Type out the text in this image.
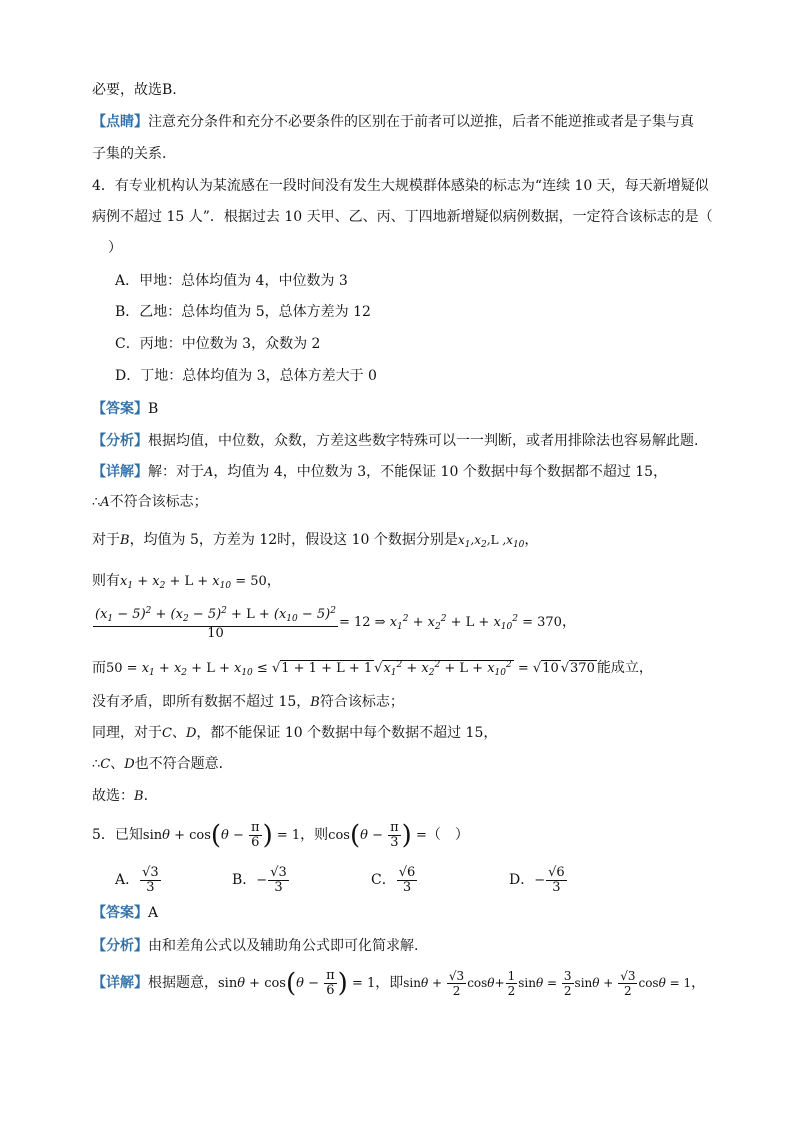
必要，故选B.
【点睛】注意充分条件和充分不必要条件的区别在于前者可以逆推，后者不能逆推或者是子集与真
子集的关系．
4．有专业机构认为某流感在一段时间没有发生大规模群体感染的标志为“连续 10 天，每天新增疑似
病例不超过 15 人”．根据过去 10 天甲、乙、丙、丁四地新增疑似病例数据，一定符合该标志的是（
）
A．甲地：总体均值为 4，中位数为 3
B．乙地：总体均值为 5，总体方差为 12
C．丙地：中位数为 3，众数为 2
D．丁地：总体均值为 3，总体方差大于 0
【答案】B
【分析】根据均值，中位数，众数，方差这些数字特殊可以一一判断，或者用排除法也容易解此题.
【详解】解：对于A，均值为 4，中位数为 3，不能保证 10 个数据中每个数据都不超过 15，
∴A不符合该标志；
对于B，均值为 5，方差为 12时，假设这 10 个数据分别是$x_1,x_2,L$ $,x_{10}$，
则有$x_1 + x_2 + L + x_{10} = 50$，
$\frac{(x_1 - 5)^2 + (x_2 - 5)^2 + L + (x_{10} - 5)^2}{10} = 12$ ⇒ $x_1^2 + x_2^2 + L + x_{10}^2 = 370$，
而$50 = x_1 + x_2 + L + x_{10} \le √1 + 1 + L + 1$ $√x_1^2 + x_2^2 + L + x_{10}^2 = √10$ √370 能成立，
没有矛盾，即所有数据不超过 15，B符合该标志；
同理，对于C、D，都不能保证 10 个数据中每个数据不超过 15，
∴C、D也不符合题意．
故选：B.
5．已知$\sin\theta + \cos(\theta - \frac{\pi}{6}$ ) = 1，则$\cos(\theta - \frac{\pi}{3}$ ) =（　）
A． $\frac{√3}{3}$	B．− $\frac{√3}{3}$	C． $\frac{√6}{3}$	D．− $\frac{√6}{3}$
【答案】A
【分析】由和差角公式以及辅助角公式即可化简求解.
【详解】根据题意，$\sin\theta + \cos(\theta - \frac{\pi}{6}$ ) = 1，即$\sin\theta + \frac{√3}{2} \cos\theta+ \frac{1}{2}$ $\sin\theta = \frac{3}{2}$ $\sin\theta + \frac{√3}{2}$ cosθ = 1，
